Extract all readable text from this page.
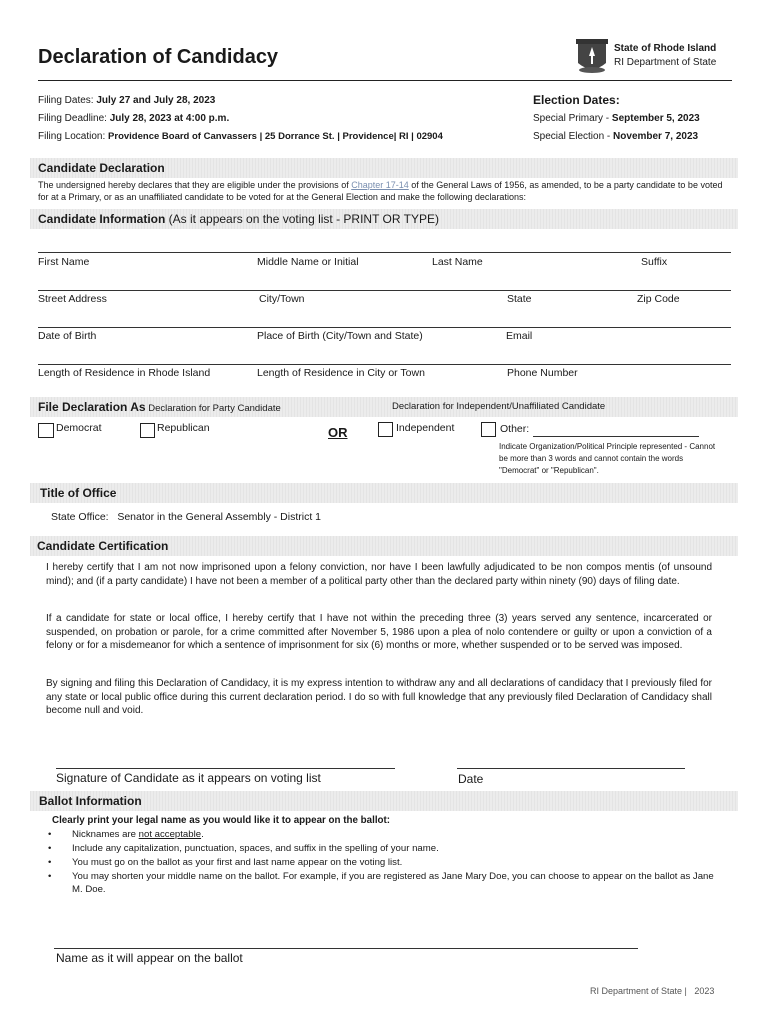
Declaration of Candidacy	State of Rhode Island
RI Department of State
Filing Dates: July 27 and July 28, 2023
Filing Deadline: July 28, 2023 at 4:00 p.m.
Filing Location: Providence Board of Canvassers | 25 Dorrance St. | Providence| RI | 02904
Election Dates:
Special Primary - September 5, 2023
Special Election - November 7, 2023
Candidate Declaration
The undersigned hereby declares that they are eligible under the provisions of Chapter 17-14 of the General Laws of 1956, as amended, to be a party candidate to be voted for at a Primary, or as an unaffiliated candidate to be voted for at the General Election and make the following declarations:
Candidate Information (As it appears on the voting list - PRINT OR TYPE)
First Name	Middle Name or Initial	Last Name	Suffix
Street Address	City/Town	State	Zip Code
Date of Birth	Place of Birth (City/Town and State)	Email
Length of Residence in Rhode Island	Length of Residence in City or Town	Phone Number
File Declaration As Declaration for Party Candidate	Declaration for Independent/Unaffiliated Candidate
Democrat	Republican	OR	Independent	Other:
Indicate Organization/Political Principle represented - Cannot be more than 3 words and cannot contain the words "Democrat" or "Republican".
Title of Office
State Office:   Senator in the General Assembly - District 1
Candidate Certification
I hereby certify that I am not now imprisoned upon a felony conviction, nor have I been lawfully adjudicated to be non compos mentis (of unsound mind); and (if a party candidate) I have not been a member of a political party other than the declared party within ninety (90) days of filing date.
If a candidate for state or local office, I hereby certify that I have not within the preceding three (3) years served any sentence, incarcerated or suspended, on probation or parole, for a crime committed after November 5, 1986 upon a plea of nolo contendere or guilty or upon a conviction of a felony or for a misdemeanor for which a sentence of imprisonment for six (6) months or more, whether suspended or to be served was imposed.
By signing and filing this Declaration of Candidacy, it is my express intention to withdraw any and all declarations of candidacy that I previously filed for any state or local public office during this current declaration period. I do so with full knowledge that any previously filed Declaration of Candidacy shall become null and void.
Signature of Candidate as it appears on voting list	Date
Ballot Information
Clearly print your legal name as you would like it to appear on the ballot:
• Nicknames are not acceptable.
• Include any capitalization, punctuation, spaces, and suffix in the spelling of your name.
• You must go on the ballot as your first and last name appear on the voting list.
• You may shorten your middle name on the ballot. For example, if you are registered as Jane Mary Doe, you can choose to appear on the ballot as Jane M. Doe.
Name as it will appear on the ballot
RI Department of State |   2023
